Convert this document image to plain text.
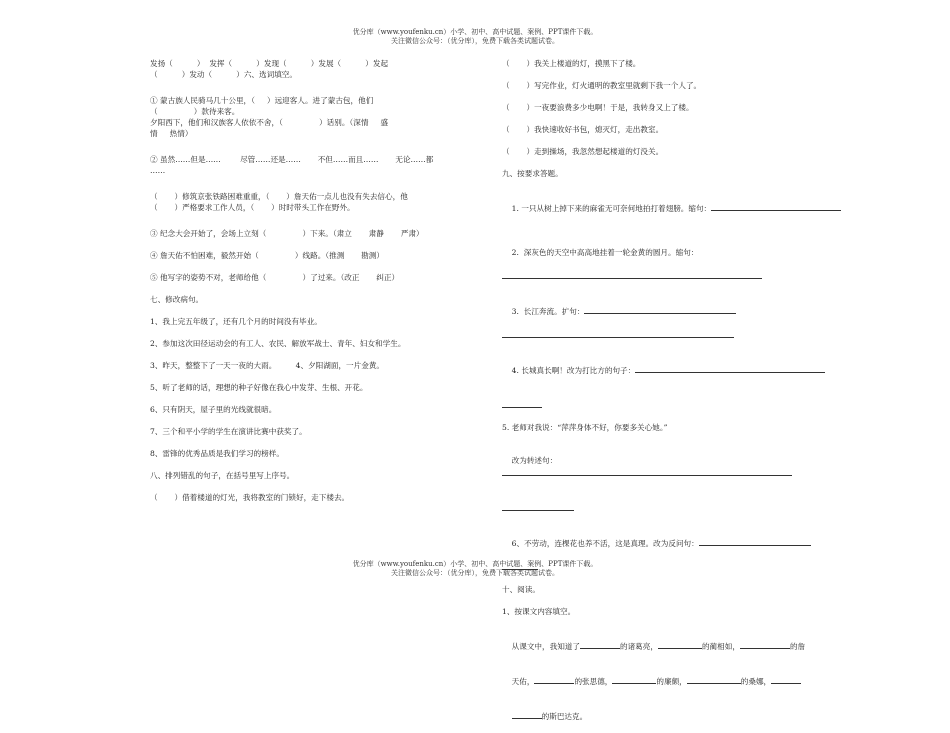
优分库（www.youfenku.cn）小学、初中、高中试题、案例、PPT课件下载。
关注微信公众号：（优分库），免费下载各类试题试卷。

发扬（          ）  发挥（          ）发现（          ）发展（          ）发起

（          ）发动（          ）六、选词填空。

① 蒙古族人民骑马几十公里，（     ）远迎客人。进了蒙古包，他们

（               ）款待来客。

夕阳西下，他们和汉族客人依依不舍，（               ）话别。（深情     盛

情     热情）

② 虽然……但是……        尽管……还是……       不但……而且……       无论……都

……

（       ）修筑京张铁路困难重重，（       ）詹天佑一点儿也没有失去信心，他

（       ）严格要求工作人员，（       ）时时带头工作在野外。

③ 纪念大会开始了，会场上立刻（               ）下来。（肃立       肃静       严肃）

④ 詹天佑不怕困难，毅然开始（               ）线路。（推测       勘测）

⑤ 他写字的姿势不对，老师给他（               ）了过来。（改正       纠正）

七、修改病句。

1、我上完五年级了，还有几个月的时间没有毕业。

2、参加这次田径运动会的有工人、农民、解放军战士、青年、妇女和学生。

3、昨天，整整下了一天一夜的大雨。        4、夕阳湖面，一片金黄。

5、听了老师的话，理想的种子好像在我心中发芽、生根、开花。

6、只有阴天，屋子里的光线就很暗。

7、三个和平小学的学生在演讲比赛中获奖了。

8、雷锋的优秀品质是我们学习的榜样。

八、排列错乱的句子，在括号里写上序号。

（       ）借着楼道的灯光，我将教室的门锁好，走下楼去。

（       ）我关上楼道的灯，摸黑下了楼。

（       ）写完作业，灯火通明的教室里就剩下我一个人了。

（       ）一夜要浪费多少电啊！于是，我转身又上了楼。

（       ）我快速收好书包，熄灭灯，走出教室。

（       ）走到操场，我忽然想起楼道的灯没关。

九、按要求答题。

1. 一只从树上掉下来的麻雀无可奈何地拍打着翅膀。缩句：

2.  深灰色的天空中高高地挂着一轮金黄的圆月。缩句：

3.  长江奔流。扩句：

4. 长城真长啊！改为打比方的句子：

5. 老师对我说：“萍萍身体不好，你要多关心她。”

改为转述句：

6、不劳动，连棵花也养不活，这是真理。改为反问句：

十、阅读。

1、按课文内容填空。

从课文中，我知道了	的诸葛亮，	的蔺相如，	的詹

天佑，	的张思德，	的廉颇，	的桑娜，

的斯巴达克。

优分库（www.youfenku.cn）小学、初中、高中试题、案例、PPT课件下载。
关注微信公众号：（优分库），免费下载各类试题试卷。
